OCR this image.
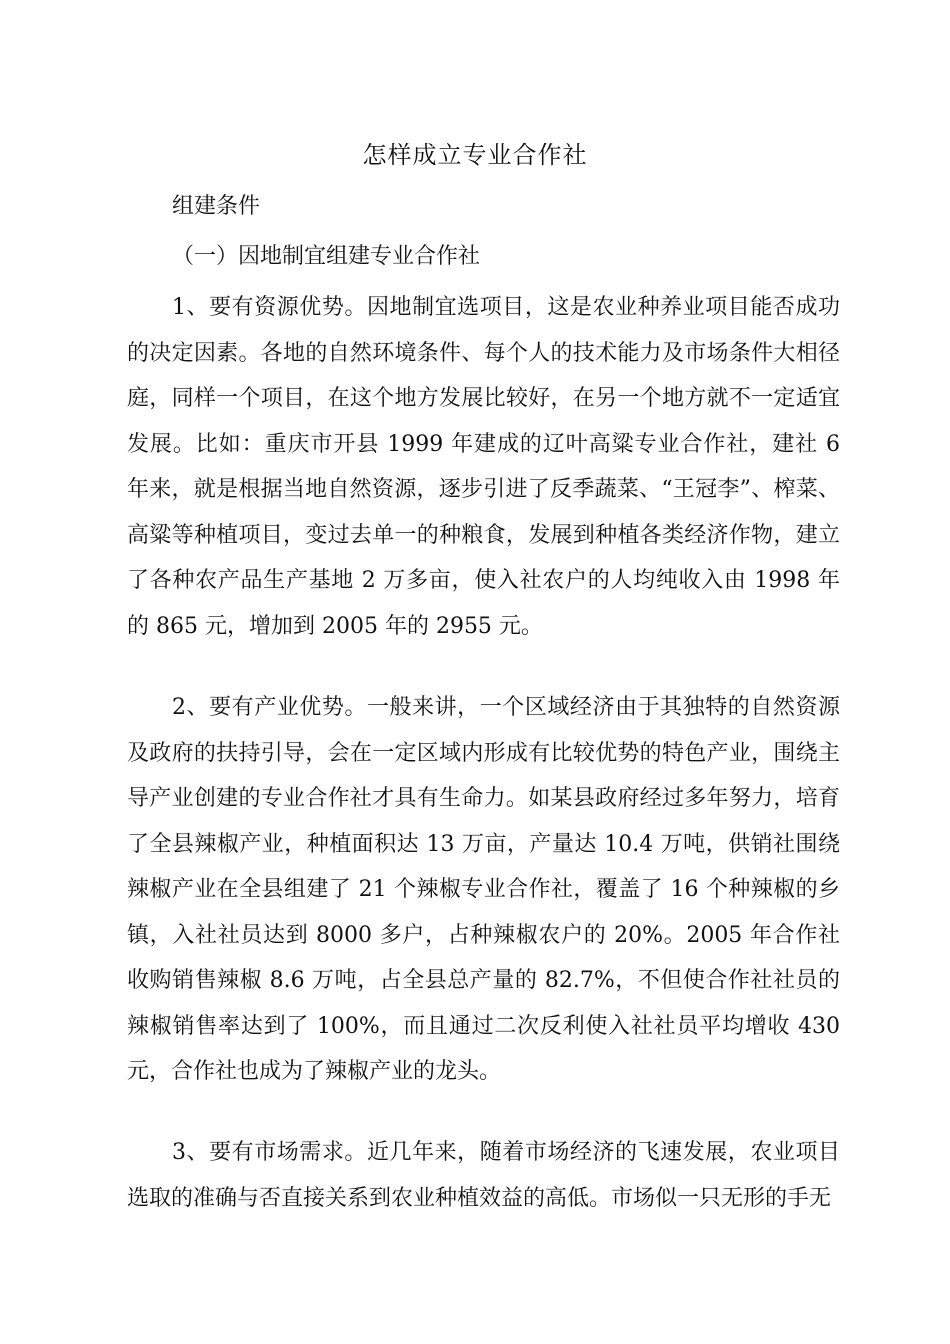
怎样成立专业合作社
组建条件
（一）因地制宜组建专业合作社

1、要有资源优势。因地制宜选项目，这是农业种养业项目能否成功的决定因素。各地的自然环境条件、每个人的技术能力及市场条件大相径庭，同样一个项目，在这个地方发展比较好，在另一个地方就不一定适宜发展。比如：重庆市开县 1999 年建成的辽叶高粱专业合作社，建社 6 年来，就是根据当地自然资源，逐步引进了反季蔬菜、“王冠李”、榨菜、高粱等种植项目，变过去单一的种粮食，发展到种植各类经济作物，建立了各种农产品生产基地 2 万多亩，使入社农户的人均纯收入由 1998 年的 865 元，增加到 2005 年的 2955 元。

2、要有产业优势。一般来讲，一个区域经济由于其独特的自然资源及政府的扶持引导，会在一定区域内形成有比较优势的特色产业，围绕主导产业创建的专业合作社才具有生命力。如某县政府经过多年努力，培育了全县辣椒产业，种植面积达 13 万亩，产量达 10.4 万吨，供销社围绕辣椒产业在全县组建了 21 个辣椒专业合作社，覆盖了 16 个种辣椒的乡镇，入社社员达到 8000 多户，占种辣椒农户的 20%。2005 年合作社收购销售辣椒 8.6 万吨，占全县总产量的 82.7%，不但使合作社社员的辣椒销售率达到了 100%，而且通过二次反利使入社社员平均增收 430 元，合作社也成为了辣椒产业的龙头。

3、要有市场需求。近几年来，随着市场经济的飞速发展，农业项目选取的准确与否直接关系到农业种植效益的高低。市场似一只无形的手无
